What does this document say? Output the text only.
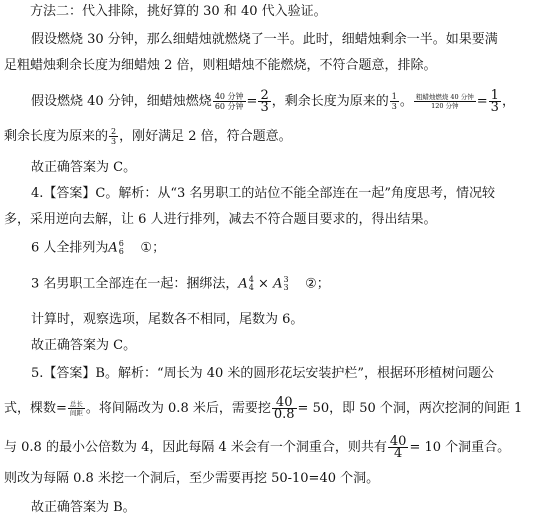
方法二：代入排除，挑好算的 30 和 40 代入验证。
假设燃烧 30 分钟，那么细蜡烛就燃烧了一半。此时，细蜡烛剩余一半。如果要满
足粗蜡烛剩余长度为细蜡烛 2 倍，则粗蜡烛不能燃烧，不符合题意，排除。
假设燃烧 40 分钟，细蜡烛燃烧 $\frac{\text{40 分钟}}{\text{60 分钟}} = \frac{2}{3}$ ，剩余长度为原来的 $\frac{1}{3}$ 。 $\frac{\text{粗蜡烛燃烧 40 分钟}}{\text{120 分钟}} = \frac{1}{3}$ ，
剩余长度为原来的 $\frac{2}{3}$ ，刚好满足 2 倍，符合题意。
故正确答案为 C。
4.【答案】C。解析：从“3 名男职工的站位不能全部连在一起”角度思考，情况较
多，采用逆向去解，让 6 人进行排列，减去不符合题目要求的，得出结果。
6 人全排列为A 6
6 ①；
3 名男职工全部连在一起：捆绑法，A 4
4 × A 3
3 ②；
计算时，观察选项，尾数各不相同，尾数为 6。
故正确答案为 C。
5.【答案】B。解析：“周长为 40 米的圆形花坛安装护栏”，根据环形植树问题公
式，棵数= $\frac{\text{总长}}{\text{间距}}$ 。将间隔改为 0.8 米后，需要挖 $\frac{40}{0.8} = 50$，即 50 个洞，两次挖洞的间距 1
与 0.8 的最小公倍数为 4，因此每隔 4 米会有一个洞重合，则共有 $\frac{40}{4} = 10$ 个洞重合。
则改为每隔 0.8 米挖一个洞后，至少需要再挖 50-10=40 个洞。
故正确答案为 B。
